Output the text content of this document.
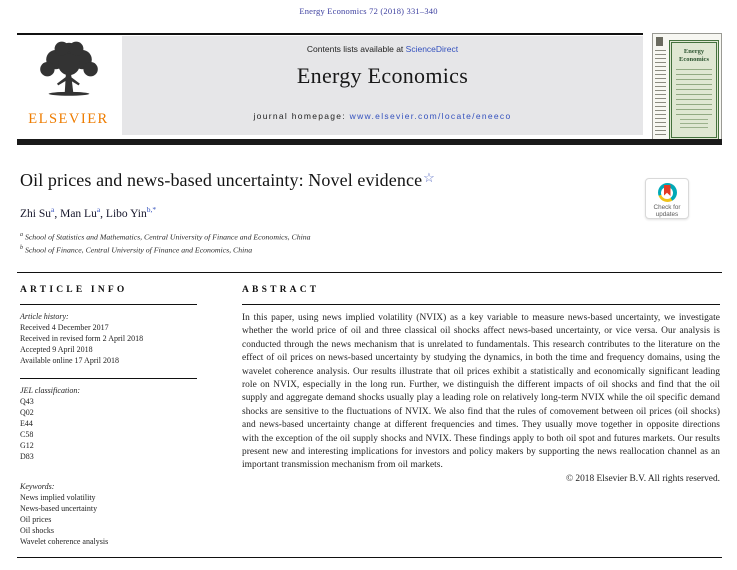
Energy Economics 72 (2018) 331–340
ELSEVIER
Contents lists available at ScienceDirect
Energy Economics
journal homepage: www.elsevier.com/locate/eneeco
Energy
Economics
Oil prices and news-based uncertainty: Novel evidence☆
Check for
updates
Zhi Su$^a$, Man Lu$^a$, Libo Yin$^{b,*}$
$^a$ School of Statistics and Mathematics, Central University of Finance and Economics, China
$^b$ School of Finance, Central University of Finance and Economics, China
ARTICLE INFO
Article history:
Received 4 December 2017
Received in revised form 2 April 2018
Accepted 9 April 2018
Available online 17 April 2018
JEL classification:
Q43
Q02
E44
C58
G12
D83
Keywords:
News implied volatility
News-based uncertainty
Oil prices
Oil shocks
Wavelet coherence analysis
ABSTRACT
In this paper, using news implied volatility (NVIX) as a key variable to measure news-based uncertainty, we investigate whether the world price of oil and three classical oil shocks affect news-based uncertainty, or vice versa. Our analysis is conducted through the news mechanism that is unrelated to fundamentals. This research contributes to the literature on the effect of oil prices on news-based uncertainty by studying the dynamics, in both the time and frequency domains, using the wavelet coherence analysis. Our results illustrate that oil prices exhibit a statistically and economically significant leading role on NVIX, especially in the long run. Further, we distinguish the different impacts of oil shocks and find that the oil supply and aggregate demand shocks usually play a leading role on relatively long-term NVIX while the oil specific demand shocks are sensitive to the fluctuations of NVIX. We also find that the rules of comovement between oil prices (oil shocks) and news-based uncertainty change at different frequencies and times. They usually move together in opposite directions with the exception of the oil supply shocks and NVIX. These findings apply to both oil spot and futures markets. Our results present new and interesting implications for investors and policy makers by supporting the news reallocation channel as an important transmission mechanism from oil markets.
© 2018 Elsevier B.V. All rights reserved.
